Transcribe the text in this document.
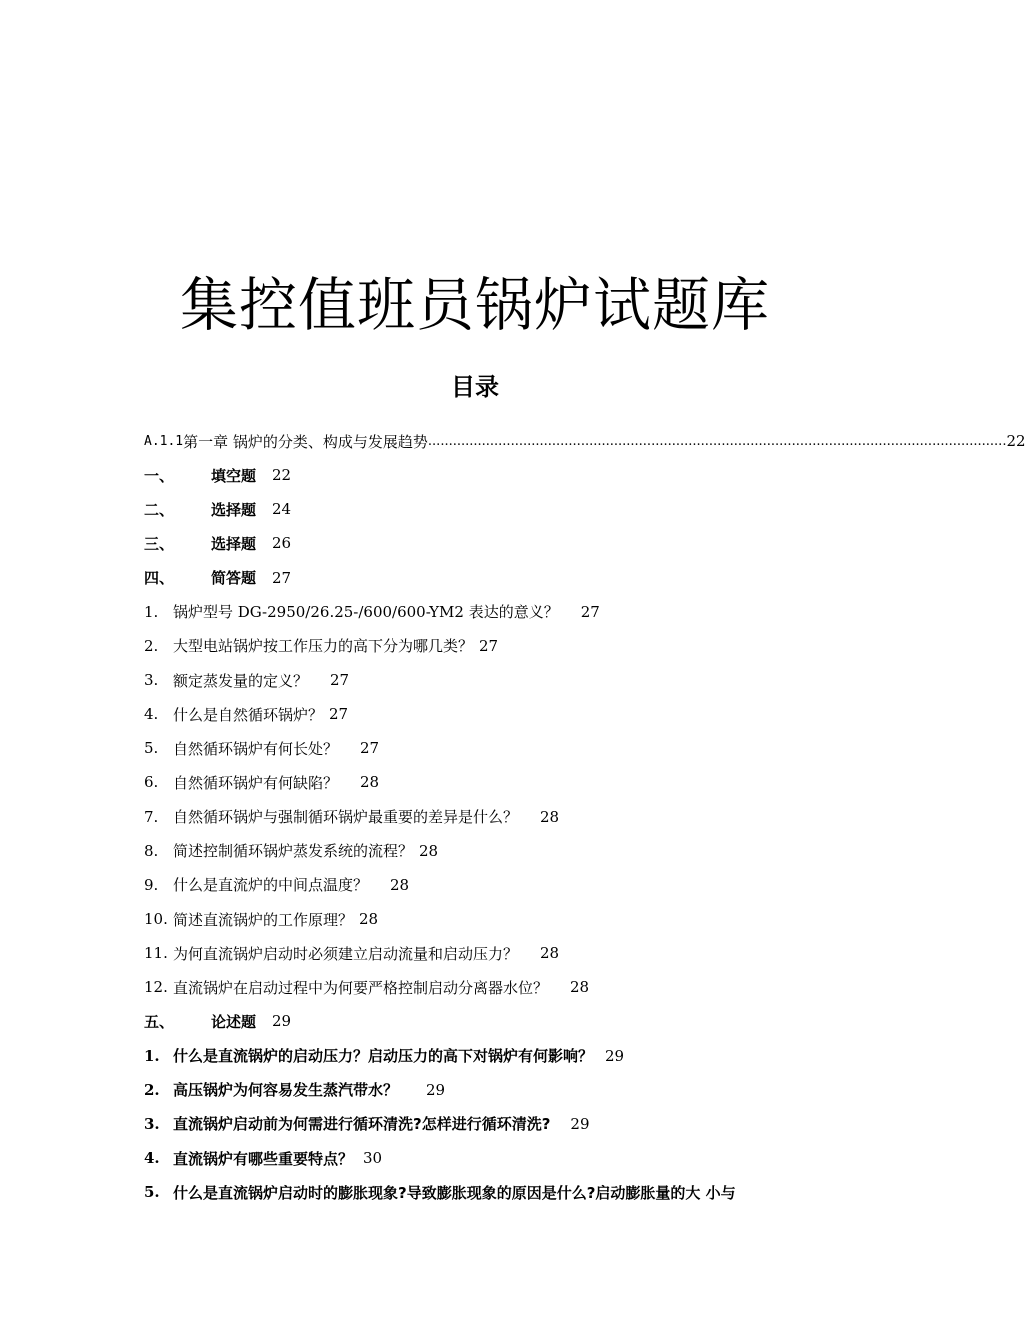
集控值班员锅炉试题库
目录
A.1.1 第一章 锅炉的分类、构成与发展趋势 ............................................................................................................................................ 22
一、	填空题 22
二、	选择题 24
三、	选择题 26
四、	简答题 27
1. 锅炉型号 DG-2950/26.25-/600/600-YM2 表达的意义？ 27
2. 大型电站锅炉按工作压力的高下分为哪几类？ 27
3. 额定蒸发量的定义？ 27
4. 什么是自然循环锅炉？ 27
5. 自然循环锅炉有何长处？ 27
6. 自然循环锅炉有何缺陷？ 28
7. 自然循环锅炉与强制循环锅炉最重要的差异是什么？ 28
8. 简述控制循环锅炉蒸发系统的流程？ 28
9. 什么是直流炉的中间点温度？ 28
10. 简述直流锅炉的工作原理？ 28
11. 为何直流锅炉启动时必须建立启动流量和启动压力？ 28
12. 直流锅炉在启动过程中为何要严格控制启动分离器水位？ 28
五、	论述题 29
1. 什么是直流锅炉的启动压力？启动压力的高下对锅炉有何影响？ 29
2. 高压锅炉为何容易发生蒸汽带水？ 29
3. 直流锅炉启动前为何需进行循环清洗?怎样进行循环清洗? 29
4. 直流锅炉有哪些重要特点？ 30
5. 什么是直流锅炉启动时的膨胀现象?导致膨胀现象的原因是什么?启动膨胀量的大 小与
